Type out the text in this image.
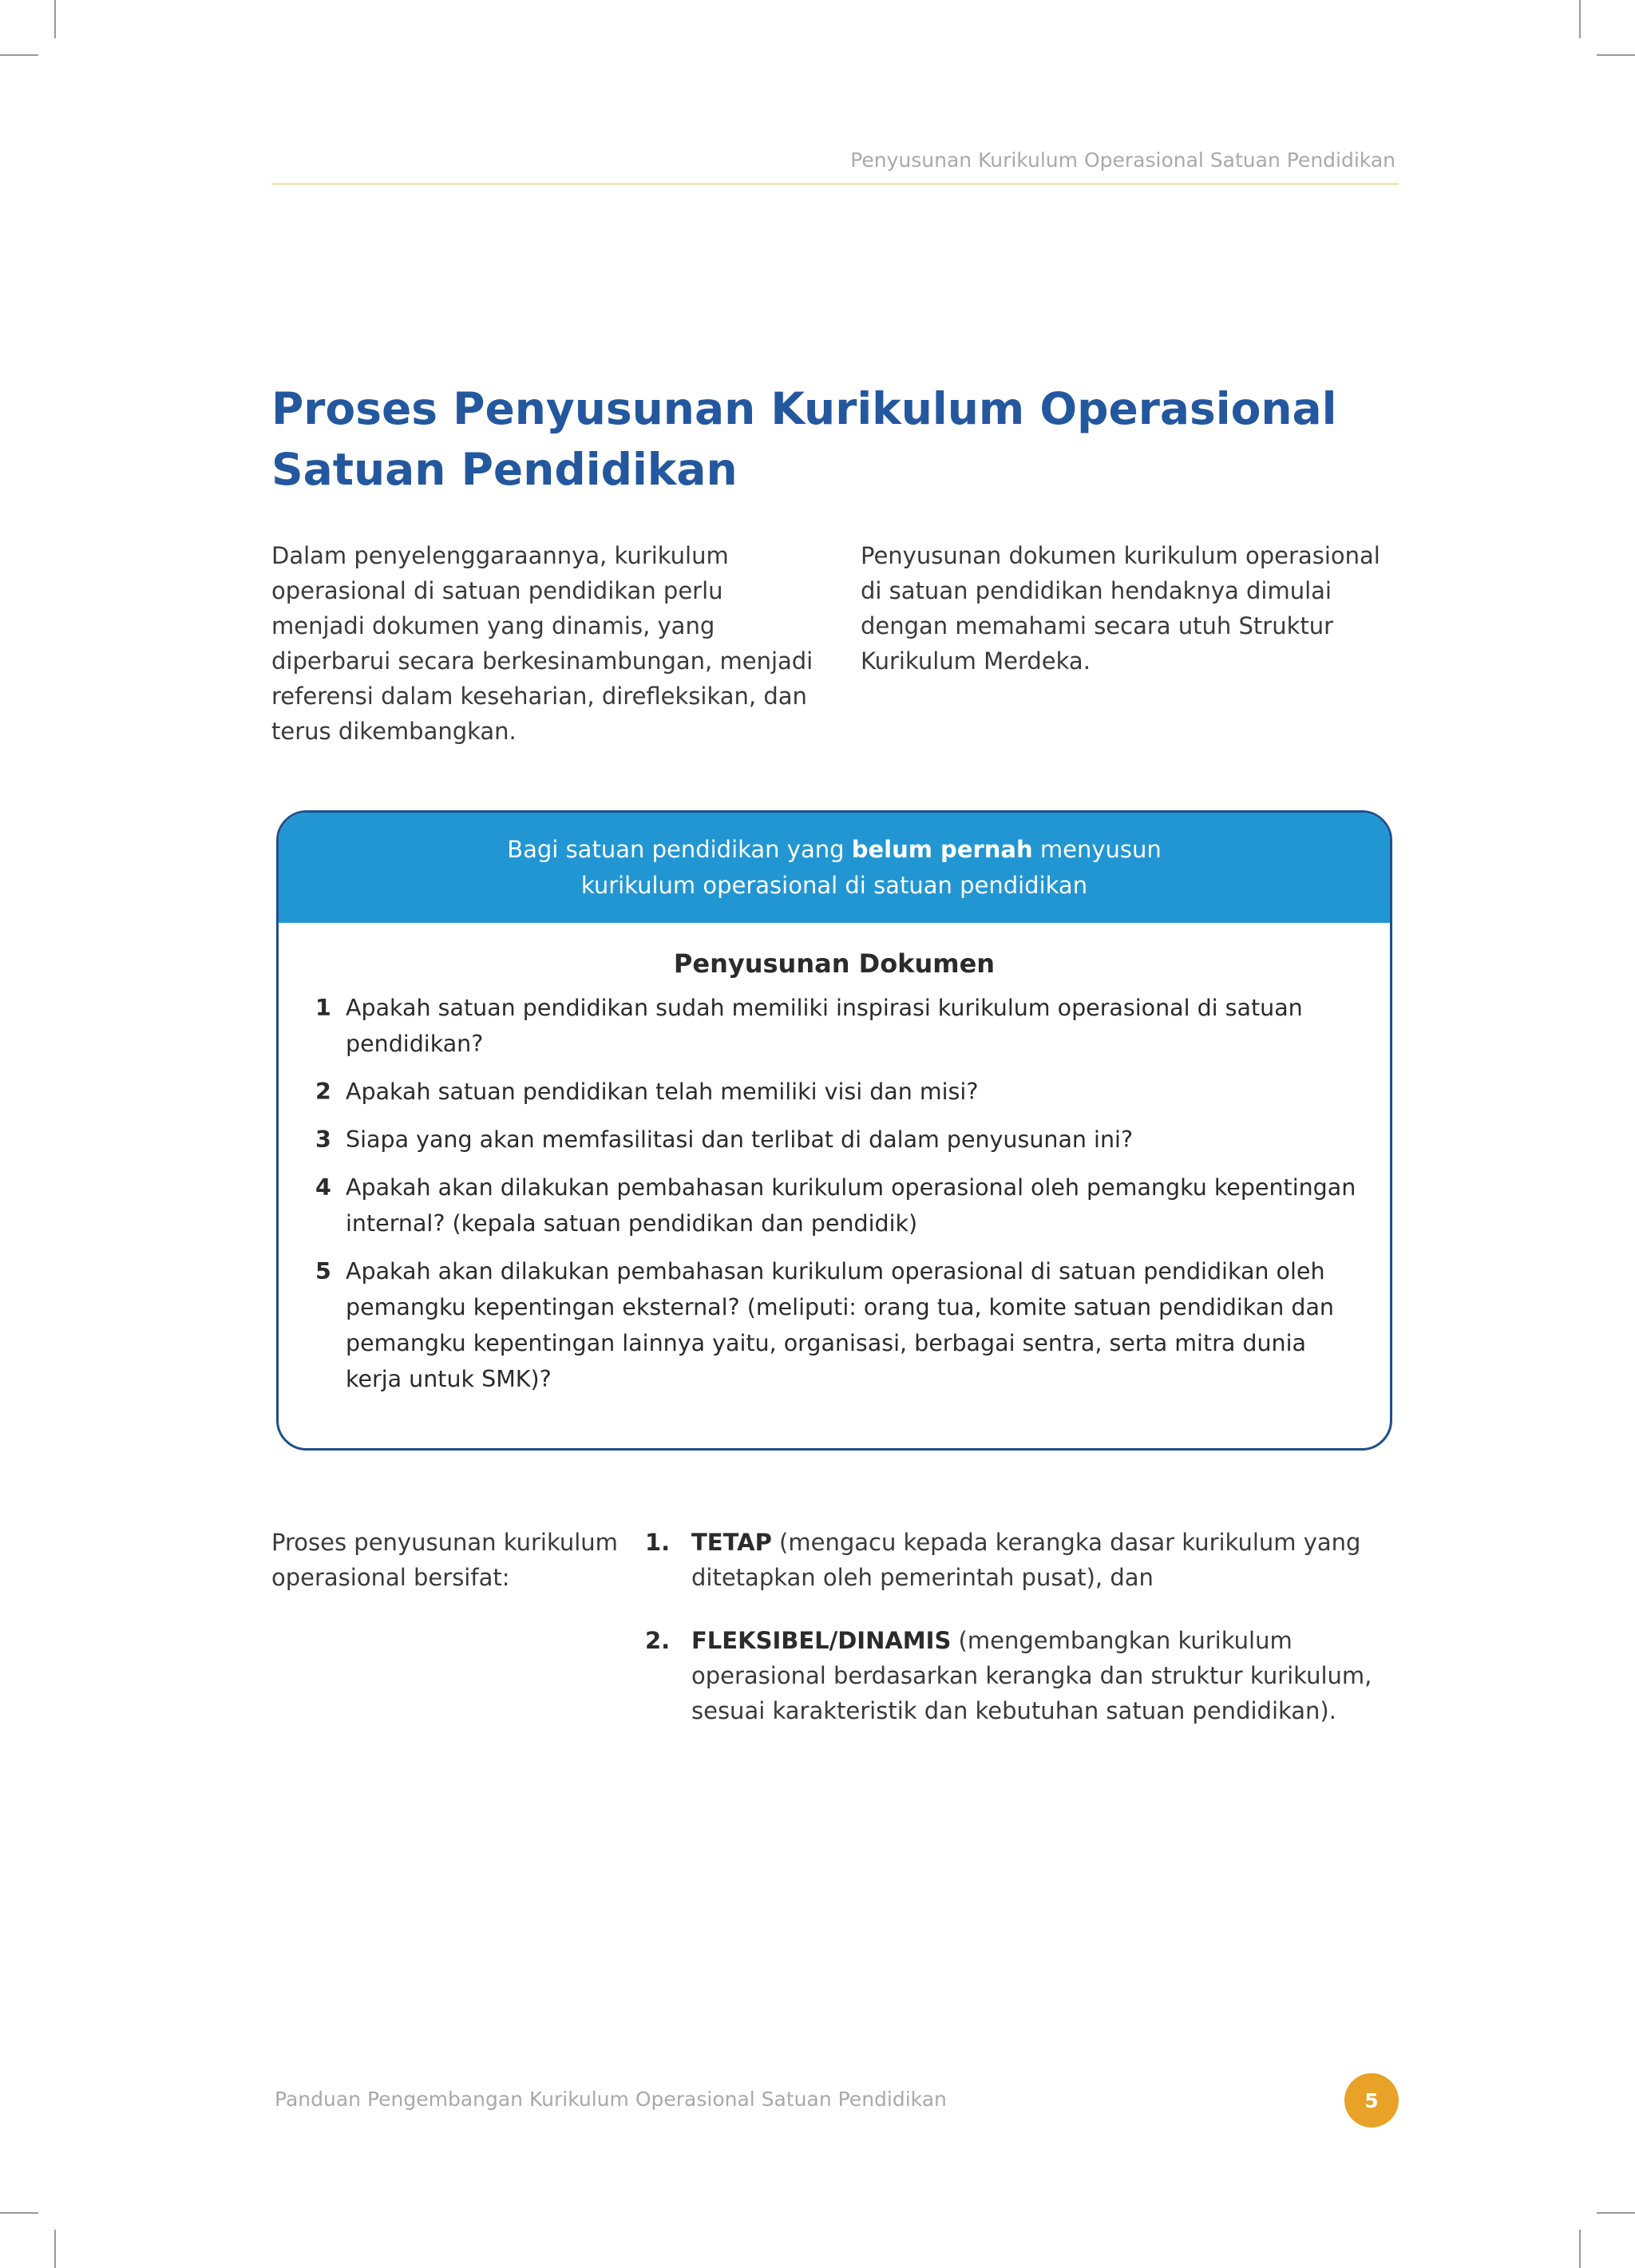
Penyusunan Kurikulum Operasional Satuan Pendidikan
Proses Penyusunan Kurikulum Operasional
Satuan Pendidikan

Dalam penyelenggaraannya, kurikulum operasional di satuan pendidikan perlu menjadi dokumen yang dinamis, yang diperbarui secara berkesinambungan, menjadi referensi dalam keseharian, direfleksikan, dan terus dikembangkan.

Penyusunan dokumen kurikulum operasional di satuan pendidikan hendaknya dimulai dengan memahami secara utuh Struktur Kurikulum Merdeka.

Bagi satuan pendidikan yang belum pernah menyusun
kurikulum operasional di satuan pendidikan
Penyusunan Dokumen
1 Apakah satuan pendidikan sudah memiliki inspirasi kurikulum operasional di satuan pendidikan?
2 Apakah satuan pendidikan telah memiliki visi dan misi?
3 Siapa yang akan memfasilitasi dan terlibat di dalam penyusunan ini?
4 Apakah akan dilakukan pembahasan kurikulum operasional oleh pemangku kepentingan internal? (kepala satuan pendidikan dan pendidik)
5 Apakah akan dilakukan pembahasan kurikulum operasional di satuan pendidikan oleh pemangku kepentingan eksternal? (meliputi: orang tua, komite satuan pendidikan dan pemangku kepentingan lainnya yaitu, organisasi, berbagai sentra, serta mitra dunia kerja untuk SMK)?

Proses penyusunan kurikulum operasional bersifat:

1. TETAP (mengacu kepada kerangka dasar kurikulum yang ditetapkan oleh pemerintah pusat), dan
2. FLEKSIBEL/DINAMIS (mengembangkan kurikulum operasional berdasarkan kerangka dan struktur kurikulum, sesuai karakteristik dan kebutuhan satuan pendidikan).
Panduan Pengembangan Kurikulum Operasional Satuan Pendidikan	5
